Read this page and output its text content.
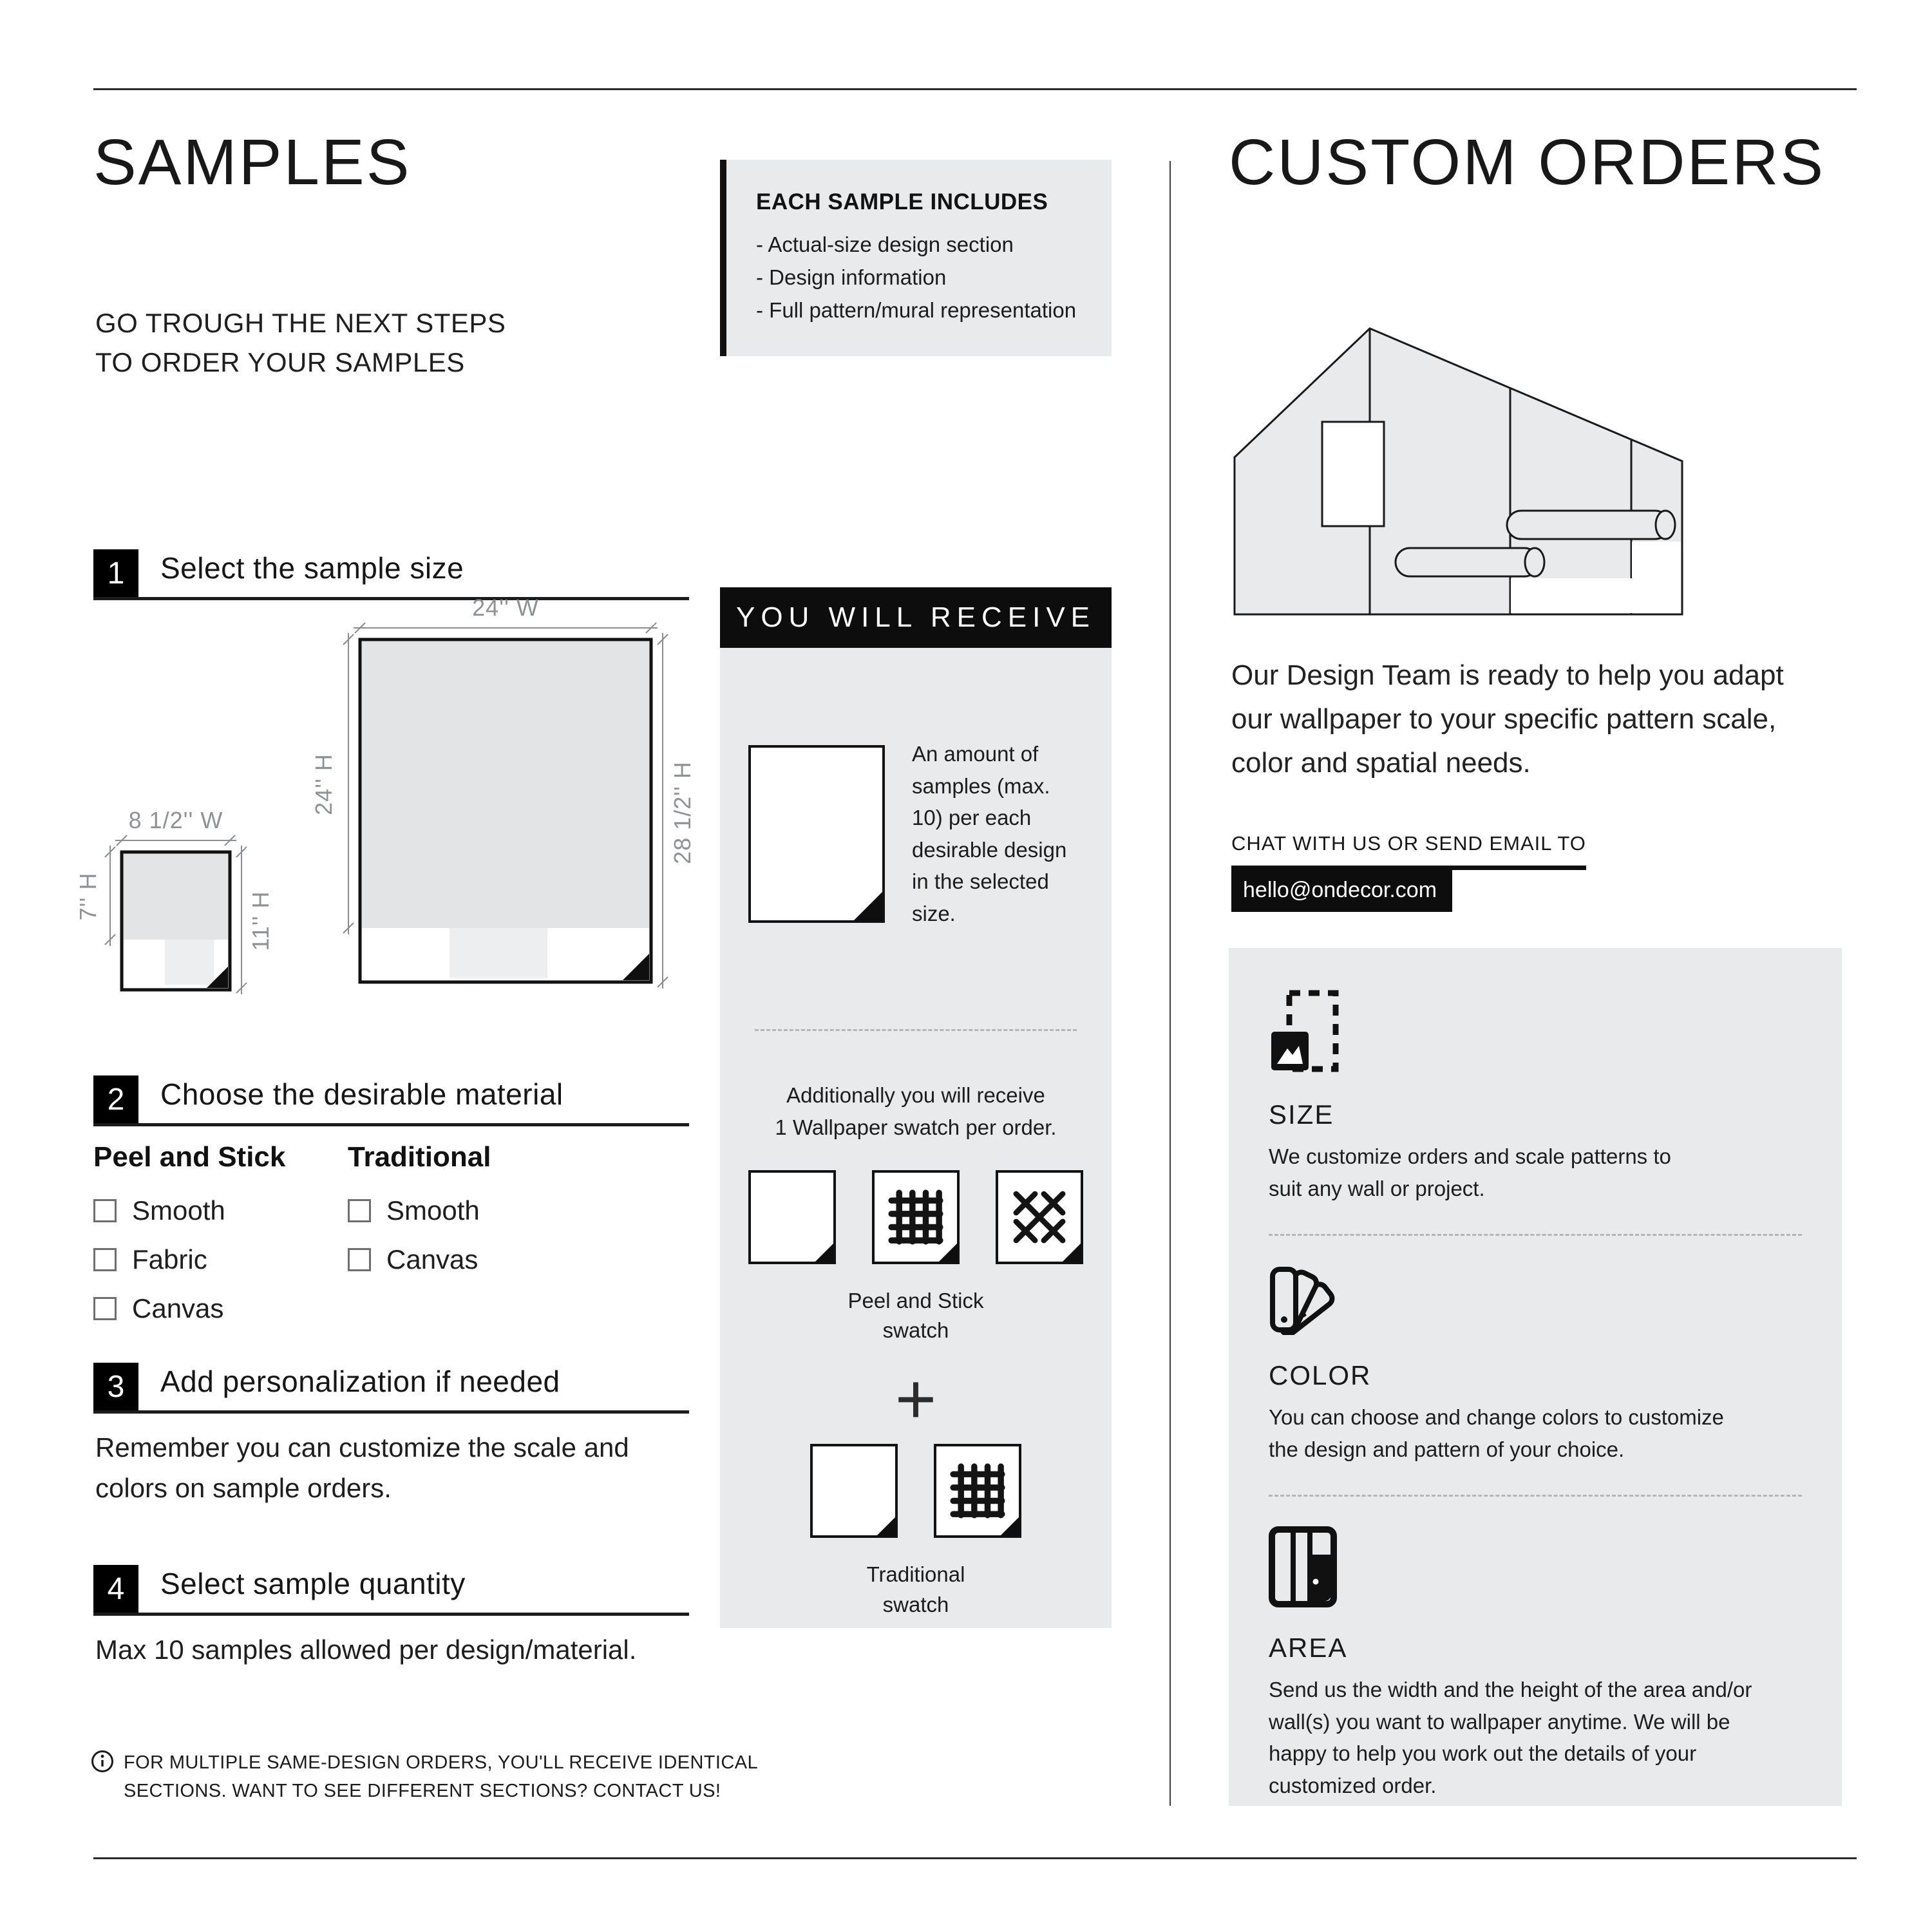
SAMPLES
GO TROUGH THE NEXT STEPS
TO ORDER YOUR SAMPLES
1	Select the sample size
24'' W
24'' H	28 1/2'' H
8 1/2'' W
7'' H	11'' H
2	Choose the desirable material
Peel and Stick
Smooth
Fabric
Canvas
Traditional
Smooth
Canvas
3	Add personalization if needed
Remember you can customize the scale and colors on sample orders.
4	Select sample quantity
Max 10 samples allowed per design/material.
FOR MULTIPLE SAME-DESIGN ORDERS, YOU'LL RECEIVE IDENTICAL
SECTIONS. WANT TO SEE DIFFERENT SECTIONS? CONTACT US!
EACH SAMPLE INCLUDES
- Actual-size design section
- Design information
- Full pattern/mural representation
YOU WILL RECEIVE
An amount of samples (max. 10) per each desirable design in the selected size.
Additionally you will receive
1 Wallpaper swatch per order.
Peel and Stick
swatch
+
Traditional
swatch
CUSTOM ORDERS
Our Design Team is ready to help you adapt our wallpaper to your specific pattern scale, color and spatial needs.
CHAT WITH US OR SEND EMAIL TO
hello@ondecor.com
SIZE
We customize orders and scale patterns to suit any wall or project.
COLOR
You can choose and change colors to customize the design and pattern of your choice.
AREA
Send us the width and the height of the area and/or wall(s) you want to wallpaper anytime. We will be happy to help you work out the details of your customized order.
